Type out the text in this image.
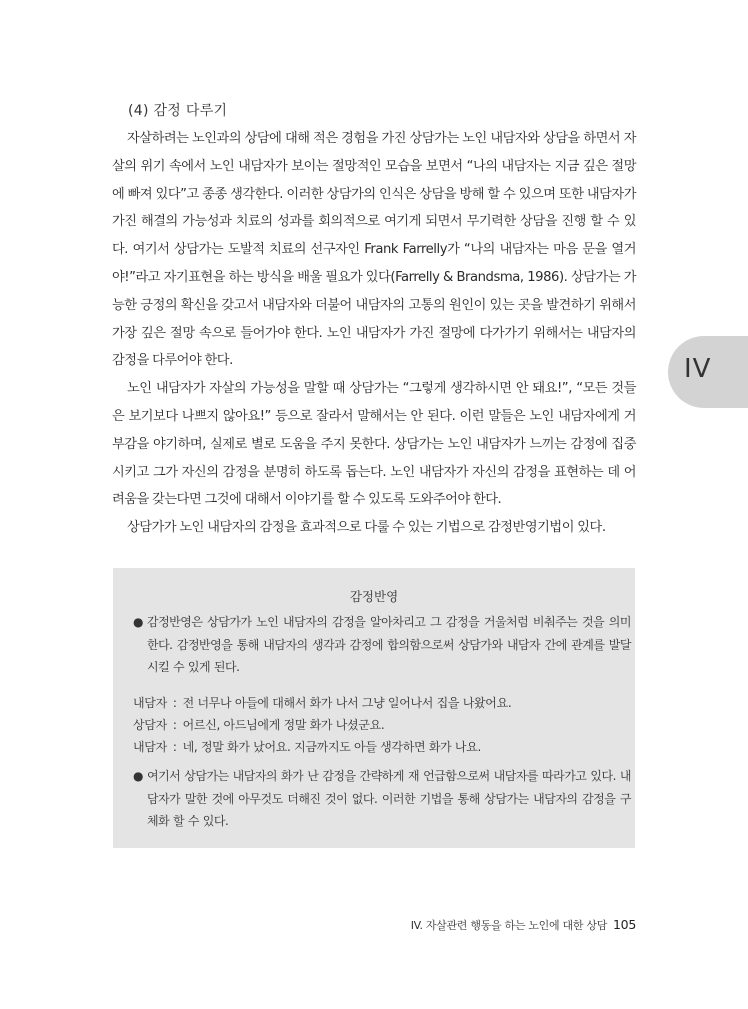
(4) 감정 다루기

자살하려는 노인과의 상담에 대해 적은 경험을 가진 상담가는 노인 내담자와 상담을 하면서 자살의 위기 속에서 노인 내담자가 보이는 절망적인 모습을 보면서 “나의 내담자는 지금 깊은 절망에 빠져 있다”고 종종 생각한다. 이러한 상담가의 인식은 상담을 방해 할 수 있으며 또한 내담자가 가진 해결의 가능성과 치료의 성과를 회의적으로 여기게 되면서 무기력한 상담을 진행 할 수 있다. 여기서 상담가는 도발적 치료의 선구자인 Frank Farrelly가 “나의 내담자는 마음 문을 열거야!”라고 자기표현을 하는 방식을 배울 필요가 있다(Farrelly & Brandsma, 1986). 상담가는 가능한 긍정의 확신을 갖고서 내담자와 더불어 내담자의 고통의 원인이 있는 곳을 발견하기 위해서 가장 깊은 절망 속으로 들어가야 한다. 노인 내담자가 가진 절망에 다가가기 위해서는 내담자의 감정을 다루어야 한다.

노인 내담자가 자살의 가능성을 말할 때 상담가는 “그렇게 생각하시면 안 돼요!”, “모든 것들은 보기보다 나쁘지 않아요!” 등으로 잘라서 말해서는 안 된다. 이런 말들은 노인 내담자에게 거부감을 야기하며, 실제로 별로 도움을 주지 못한다. 상담가는 노인 내담자가 느끼는 감정에 집중시키고 그가 자신의 감정을 분명히 하도록 돕는다. 노인 내담자가 자신의 감정을 표현하는 데 어려움을 갖는다면 그것에 대해서 이야기를 할 수 있도록 도와주어야 한다.

상담가가 노인 내담자의 감정을 효과적으로 다룰 수 있는 기법으로 감정반영기법이 있다.

IV
감정반영
● 감정반영은 상담가가 노인 내담자의 감정을 알아차리고 그 감정을 거울처럼 비춰주는 것을 의미 한다. 감정반영을 통해 내담자의 생각과 감정에 합의함으로써 상담가와 내담자 간에 관계를 발달시킬 수 있게 된다.
내담자 : 전 너무나 아들에 대해서 화가 나서 그냥 일어나서 집을 나왔어요.
상담자 : 어르신, 아드님에게 정말 화가 나셨군요.
내담자 : 네, 정말 화가 났어요. 지금까지도 아들 생각하면 화가 나요.
● 여기서 상담가는 내담자의 화가 난 감정을 간략하게 재 언급함으로써 내담자를 따라가고 있다. 내담자가 말한 것에 아무것도 더해진 것이 없다. 이러한 기법을 통해 상담가는 내담자의 감정을 구체화 할 수 있다.
IV. 자살관련 행동을 하는 노인에 대한 상담 105
